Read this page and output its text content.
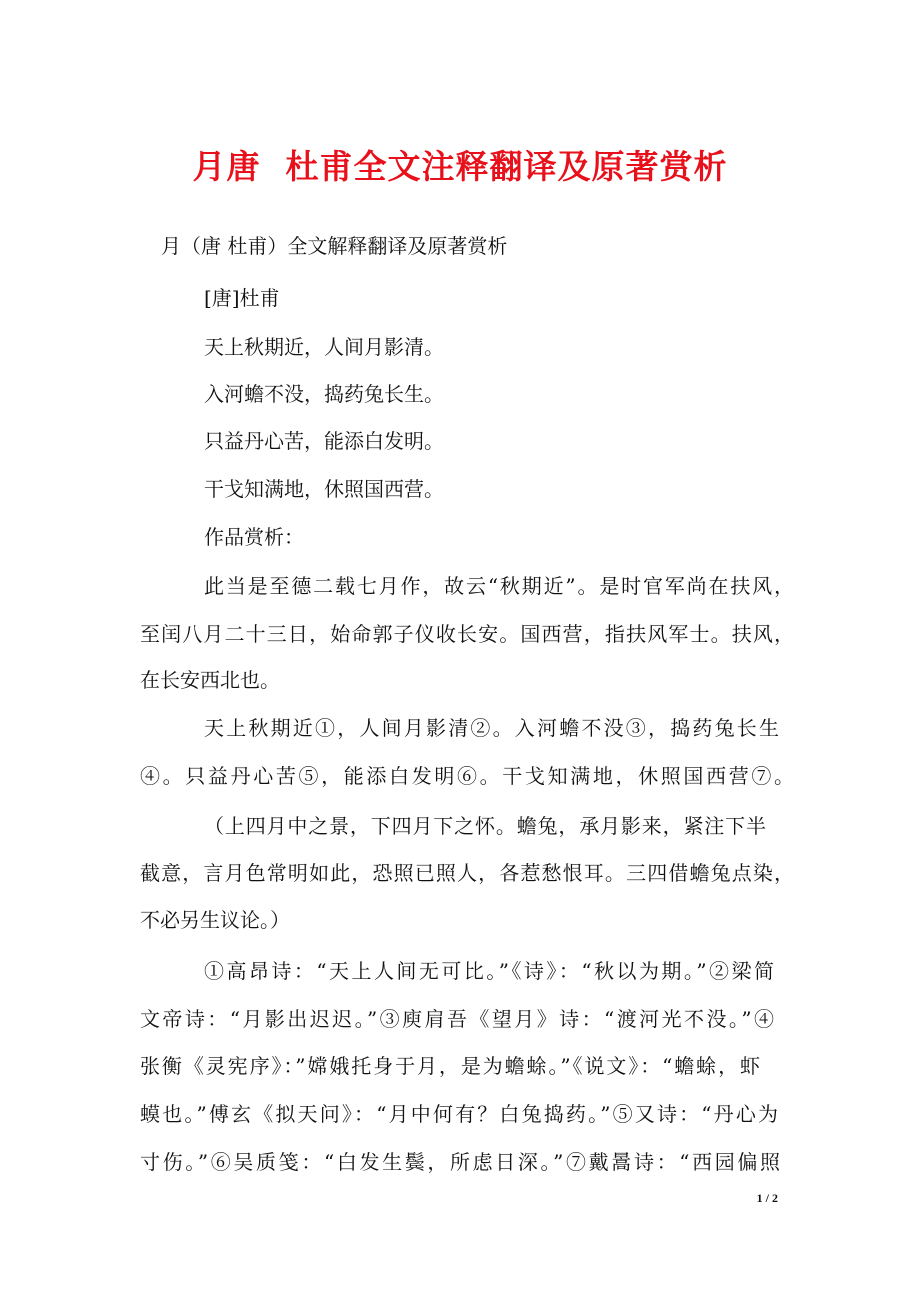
月唐  杜甫全文注释翻译及原著赏析
月（唐 杜甫）全文解释翻译及原著赏析
[唐]杜甫
天上秋期近，人间月影清。
入河蟾不没，捣药兔长生。
只益丹心苦，能添白发明。
干戈知满地，休照国西营。
作品赏析：
此当是至德二载七月作，故云“秋期近”。是时官军尚在扶风，
至闰八月二十三日，始命郭子仪收长安。国西营，指扶风军士。扶风，
在长安西北也。
天上秋期近①，人间月影清②。入河蟾不没③，捣药兔长生
④。只益丹心苦⑤，能添白发明⑥。干戈知满地，休照国西营⑦。
（上四月中之景，下四月下之怀。蟾兔，承月影来，紧注下半
截意，言月色常明如此，恐照已照人，各惹愁恨耳。三四借蟾兔点染，
不必另生议论。）
①高昂诗：“天上人间无可比。”《诗》：“秋以为期。”②梁简
文帝诗：“月影出迟迟。”③庾肩吾《望月》诗：“渡河光不没。”④
张衡《灵宪序》：”嫦娥托身于月，是为蟾蜍。”《说文》：“蟾蜍，虾
蟆也。”傅玄《拟天问》：“月中何有？白兔捣药。”⑤又诗：“丹心为
寸伤。”⑥吴质笺：“白发生鬓，所虑日深。”⑦戴暠诗：“西园偏照
1 / 2
